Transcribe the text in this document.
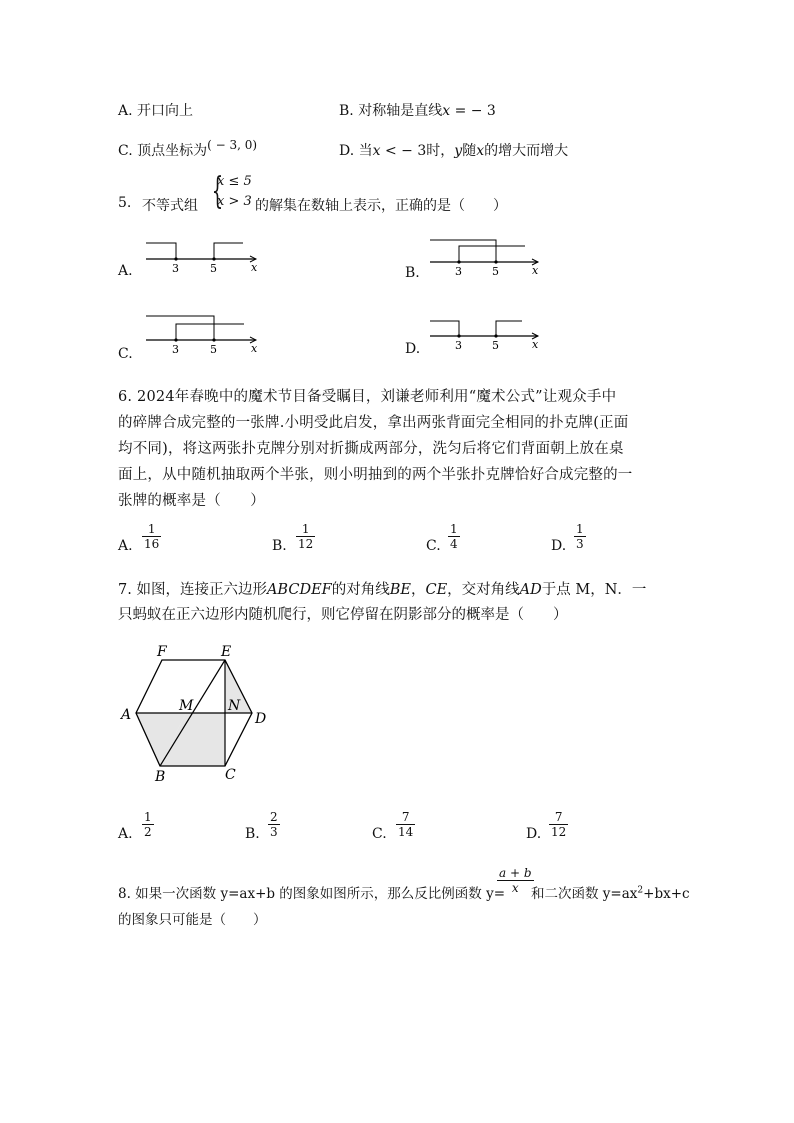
A. 开口向上	B. 对称轴是直线x = − 3
C. 顶点坐标为( − 3, 0)	D. 当x < − 3时，y随x的增大而增大
5. 不等式组 {
x ≤ 5
x > 3 的解集在数轴上表示，正确的是（　　）
A.	3	5	x	B.	3	5	x
C.	3	5	x	D.	3	5	x
6. 2024年春晚中的魔术节目备受瞩目，刘谦老师利用“魔术公式”让观众手中
的碎牌合成完整的一张牌.小明受此启发，拿出两张背面完全相同的扑克牌(正面
均不同)，将这两张扑克牌分别对折撕成两部分，洗匀后将它们背面朝上放在桌
面上，从中随机抽取两个半张，则小明抽到的两个半张扑克牌恰好合成完整的一
张牌的概率是（　　）
A. $\frac{1}{16}$	B. $\frac{1}{12}$	C. $\frac{1}{4}$	D. $\frac{1}{3}$
7. 如图，连接正六边形ABCDEF的对角线BE，CE，交对角线AD于点 M，N．一
只蚂蚁在正六边形内随机爬行，则它停留在阴影部分的概率是（　　）
F	E
A
M N
D
B	C
A. $\frac{1}{2}$	B. $\frac{2}{3}$	C. $\frac{7}{14}$	D. $\frac{7}{12}$
8. 如果一次函数 y=ax+b 的图象如图所示，那么反比例函数 y=
$\frac{a + b}{x}$
和二次函数 $y=ax^2+bx+c$
的图象只可能是（　　）
